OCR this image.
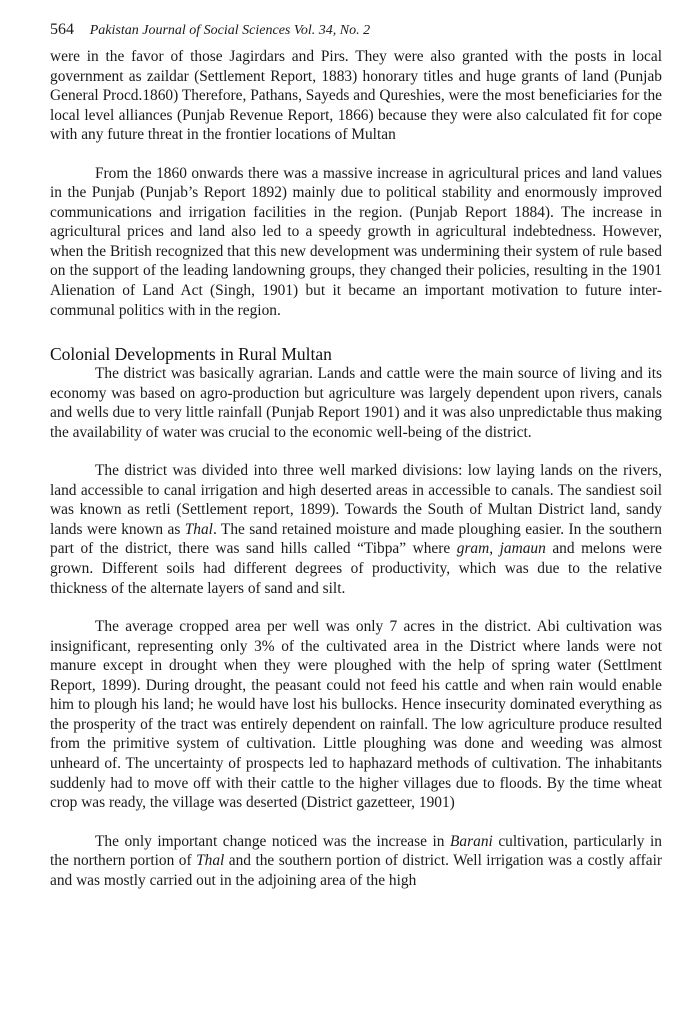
564 Pakistan Journal of Social Sciences Vol. 34, No. 2

were in the favor of those Jagirdars and Pirs. They were also granted with the posts in local government as zaildar (Settlement Report, 1883) honorary titles and huge grants of land (Punjab General Procd.1860) Therefore, Pathans, Sayeds and Qureshies, were the most beneficiaries for the local level alliances (Punjab Revenue Report, 1866) because they were also calculated fit for cope with any future threat in the frontier locations of Multan

From the 1860 onwards there was a massive increase in agricultural prices and land values in the Punjab (Punjab’s Report 1892) mainly due to political stability and enormously improved communications and irrigation facilities in the region. (Punjab Report 1884). The increase in agricultural prices and land also led to a speedy growth in agricultural indebtedness. However, when the British recognized that this new development was undermining their system of rule based on the support of the leading landowning groups, they changed their policies, resulting in the 1901 Alienation of Land Act (Singh, 1901) but it became an important motivation to future inter-communal politics with in the region.

Colonial Developments in Rural Multan

The district was basically agrarian. Lands and cattle were the main source of living and its economy was based on agro-production but agriculture was largely dependent upon rivers, canals and wells due to very little rainfall (Punjab Report 1901) and it was also unpredictable thus making the availability of water was crucial to the economic well-being of the district.

The district was divided into three well marked divisions: low laying lands on the rivers, land accessible to canal irrigation and high deserted areas in accessible to canals. The sandiest soil was known as retli (Settlement report, 1899). Towards the South of Multan District land, sandy lands were known as Thal. The sand retained moisture and made ploughing easier. In the southern part of the district, there was sand hills called “Tibpa” where gram, jamaun and melons were grown. Different soils had different degrees of productivity, which was due to the relative thickness of the alternate layers of sand and silt.

The average cropped area per well was only 7 acres in the district. Abi cultivation was insignificant, representing only 3% of the cultivated area in the District where lands were not manure except in drought when they were ploughed with the help of spring water (Settlment Report, 1899). During drought, the peasant could not feed his cattle and when rain would enable him to plough his land; he would have lost his bullocks. Hence insecurity dominated everything as the prosperity of the tract was entirely dependent on rainfall. The low agriculture produce resulted from the primitive system of cultivation. Little ploughing was done and weeding was almost unheard of. The uncertainty of prospects led to haphazard methods of cultivation. The inhabitants suddenly had to move off with their cattle to the higher villages due to floods. By the time wheat crop was ready, the village was deserted (District gazetteer, 1901)

The only important change noticed was the increase in Barani cultivation, particularly in the northern portion of Thal and the southern portion of district. Well irrigation was a costly affair and was mostly carried out in the adjoining area of the high
